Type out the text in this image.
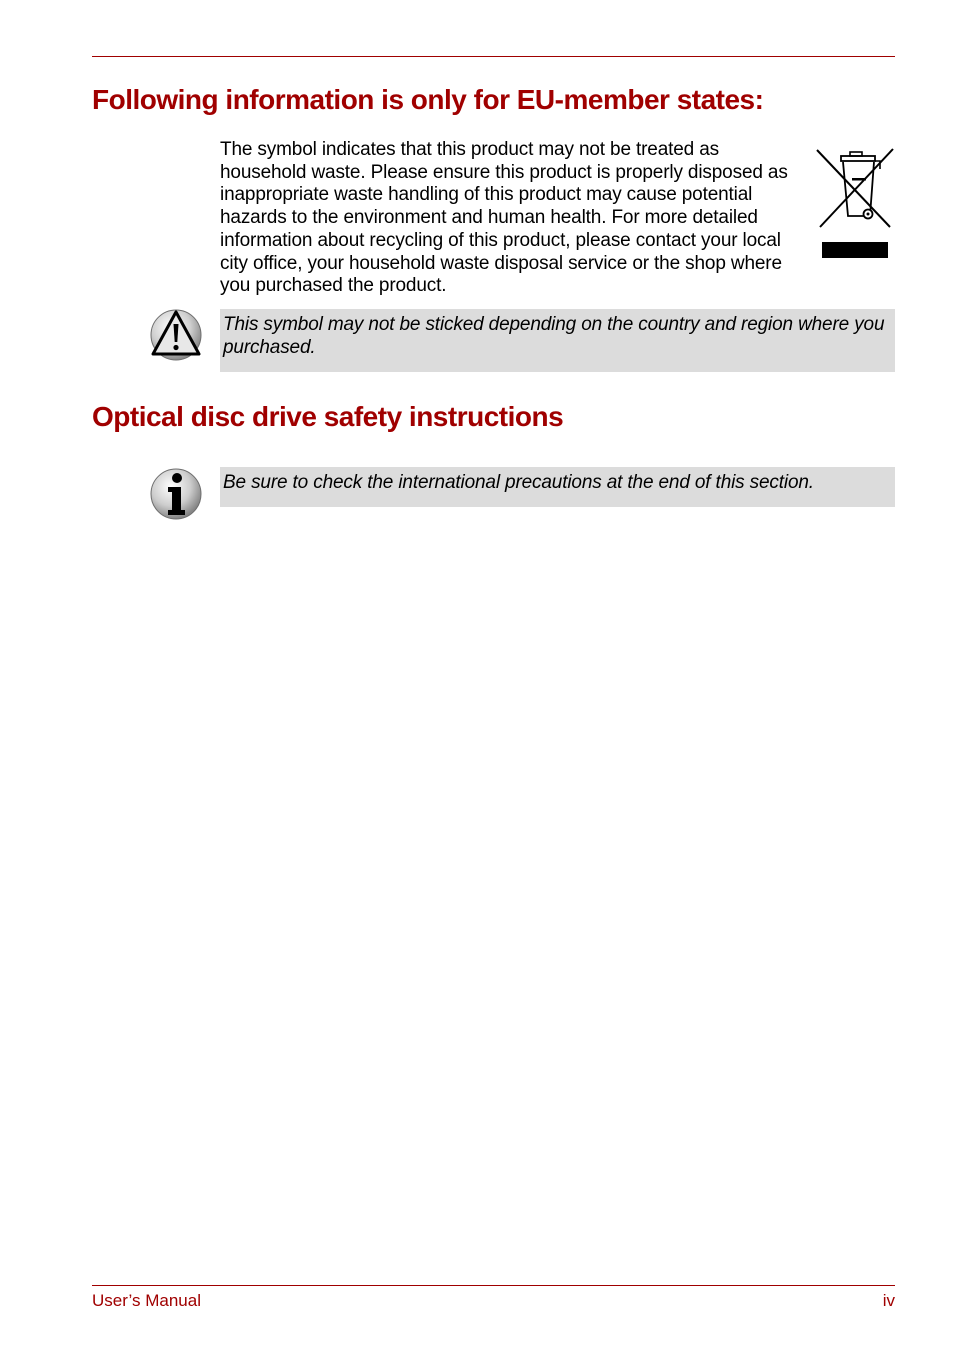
Following information is only for EU-member states:

The symbol indicates that this product may not be treated as household waste. Please ensure this product is properly disposed as inappropriate waste handling of this product may cause potential hazards to the environment and human health. For more detailed information about recycling of this product, please contact your local city office, your household waste disposal service or the shop where you purchased the product.

This symbol may not be sticked depending on the country and region where you purchased.
Optical disc drive safety instructions
Be sure to check the international precautions at the end of this section.
User’s Manual	iv
